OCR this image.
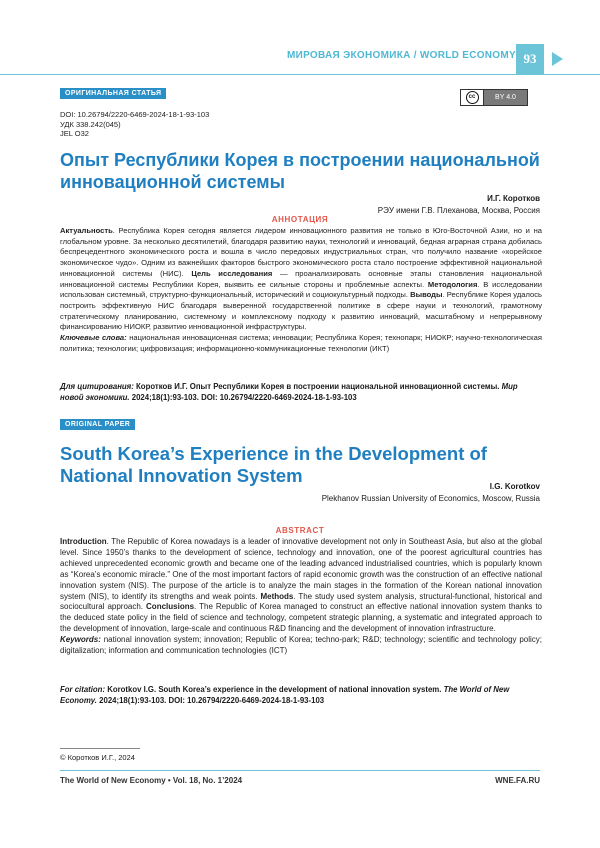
МИРОВАЯ ЭКОНОМИКА / WORLD ECONOMY 93
ОРИГИНАЛЬНАЯ СТАТЬЯ	cc	BY 4.0
DOI: 10.26794/2220-6469-2024-18-1-93-103
УДК 338.242(045)
JEL O32
Опыт Республики Корея в построении национальной инновационной системы
И.Г. Коротков
РЭУ имени Г.В. Плеханова, Москва, Россия
АННОТАЦИЯ
Актуальность. Республика Корея сегодня является лидером инновационного развития не только в Юго-Восточной Азии, но и на глобальном уровне. За несколько десятилетий, благодаря развитию науки, технологий и инноваций, бедная аграрная страна добилась беспрецедентного экономического роста и вошла в число передовых индустриальных стран, что получило название «корейское экономическое чудо». Одним из важнейших факторов быстрого экономического роста стало построение эффективной национальной инновационной системы (НИС). Цель исследования — проанализировать основные этапы становления национальной инновационной системы Республики Корея, выявить ее сильные стороны и проблемные аспекты. Методология. В исследовании использован системный, структурно-функциональный, исторический и социокультурный подходы. Выводы. Республике Корея удалось построить эффективную НИС благодаря выверенной государственной политике в сфере науки и технологий, грамотному стратегическому планированию, системному и комплексному подходу к развитию инноваций, масштабному и непрерывному финансированию НИОКР, развитию инновационной инфраструктуры.
Ключевые слова: национальная инновационная система; инновации; Республика Корея; технопарк; НИОКР; научно-технологическая политика; технологии; цифровизация; информационно-коммуникационные технологии (ИКТ)
Для цитирования: Коротков И.Г. Опыт Республики Корея в построении национальной инновационной системы. Мир новой экономики. 2024;18(1):93-103. DOI: 10.26794/2220-6469-2024-18-1-93-103
ORIGINAL PAPER
South Korea’s Experience in the Development of National Innovation System
I.G. Korotkov
Plekhanov Russian University of Economics, Moscow, Russia
ABSTRACT
Introduction. The Republic of Korea nowadays is a leader of innovative development not only in Southeast Asia, but also at the global level. Since 1950’s thanks to the development of science, technology and innovation, one of the poorest agricultural countries has achieved unprecedented economic growth and became one of the leading advanced industrialised countries, which is popularly known as “Korea’s economic miracle.” One of the most important factors of rapid economic growth was the construction of an effective national innovation system (NIS). The purpose of the article is to analyze the main stages in the formation of the Korean national innovation system (NIS), to identify its strengths and weak points. Methods. The study used system analysis, structural-functional, historical and sociocultural approach. Conclusions. The Republic of Korea managed to construct an effective national innovation system thanks to the deduced state policy in the field of science and technology, competent strategic planning, a systematic and integrated approach to the development of innovation, large-scale and continuous R&D financing and the development of innovation infrastructure.
Keywords: national innovation system; innovation; Republic of Korea; techno-park; R&D; technology; scientific and technology policy; digitalization; information and communication technologies (ICT)
For citation: Korotkov I.G. South Korea’s experience in the development of national innovation system. The World of New Economy. 2024;18(1):93-103. DOI: 10.26794/2220-6469-2024-18-1-93-103
© Коротков И.Г., 2024
The World of New Economy • Vol. 18, No. 1’2024	WNE.FA.RU
